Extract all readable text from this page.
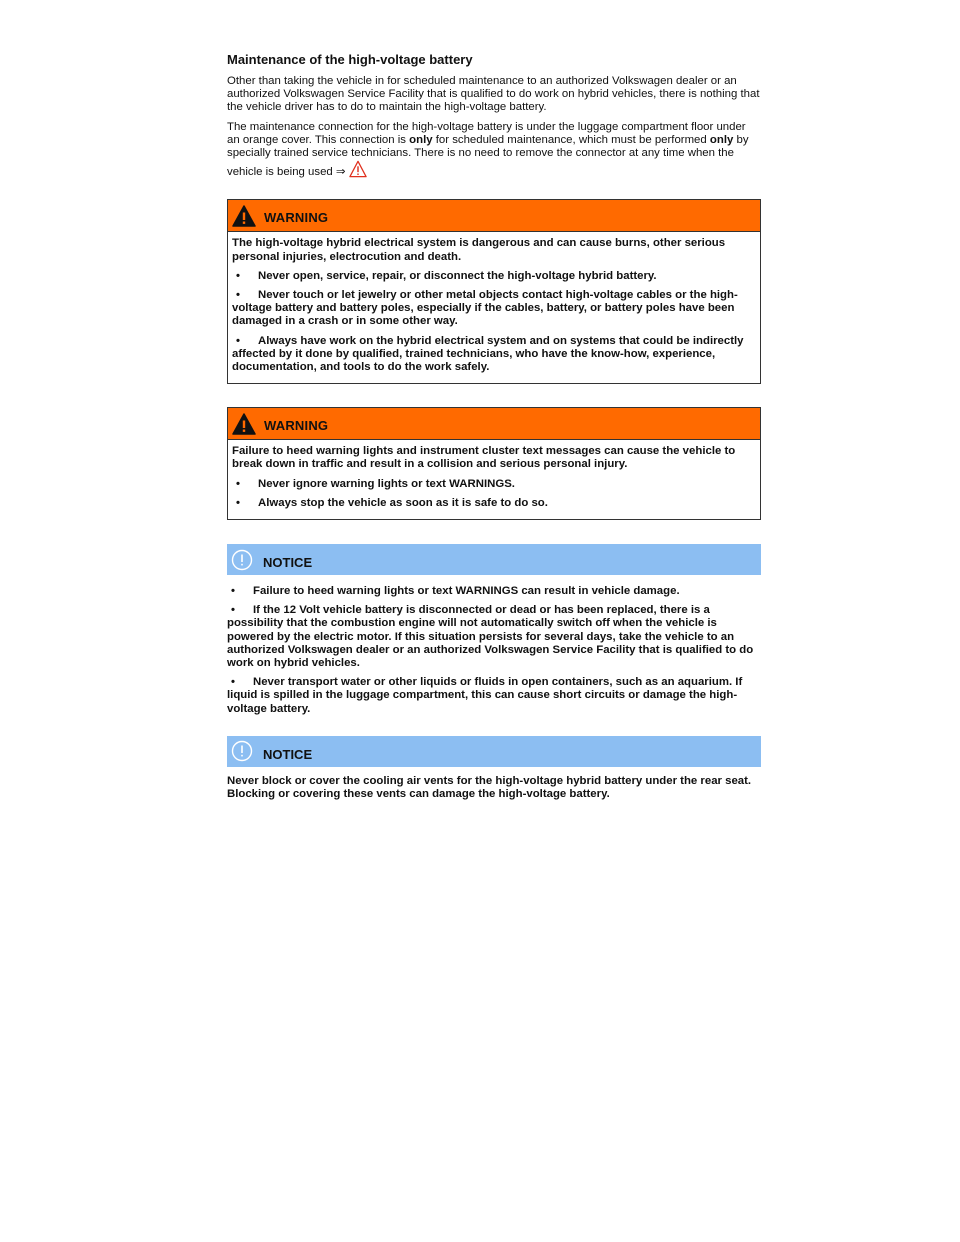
Maintenance of the high-voltage battery

Other than taking the vehicle in for scheduled maintenance to an authorized Volkswagen dealer or an authorized Volkswagen Service Facility that is qualified to do work on hybrid vehicles, there is nothing that the vehicle driver has to do to maintain the high-voltage battery.

The maintenance connection for the high-voltage battery is under the luggage compartment floor under an orange cover. This connection is only for scheduled maintenance, which must be performed only by specially trained service technicians. There is no need to remove the connector at any time when the vehicle is being used ⇒

WARNING

The high-voltage hybrid electrical system is dangerous and can cause burns, other serious personal injuries, electrocution and death.

• Never open, service, repair, or disconnect the high-voltage hybrid battery.
• Never touch or let jewelry or other metal objects contact high-voltage cables or the high-voltage battery and battery poles, especially if the cables, battery, or battery poles have been damaged in a crash or in some other way.
• Always have work on the hybrid electrical system and on systems that could be indirectly affected by it done by qualified, trained technicians, who have the know-how, experience, documentation, and tools to do the work safely.
WARNING

Failure to heed warning lights and instrument cluster text messages can cause the vehicle to break down in traffic and result in a collision and serious personal injury.

• Never ignore warning lights or text WARNINGS.
• Always stop the vehicle as soon as it is safe to do so.
NOTICE
• Failure to heed warning lights or text WARNINGS can result in vehicle damage.
• If the 12 Volt vehicle battery is disconnected or dead or has been replaced, there is a possibility that the combustion engine will not automatically switch off when the vehicle is powered by the electric motor. If this situation persists for several days, take the vehicle to an authorized Volkswagen dealer or an authorized Volkswagen Service Facility that is qualified to do work on hybrid vehicles.
• Never transport water or other liquids or fluids in open containers, such as an aquarium. If liquid is spilled in the luggage compartment, this can cause short circuits or damage the high-voltage battery.
NOTICE

Never block or cover the cooling air vents for the high-voltage hybrid battery under the rear seat. Blocking or covering these vents can damage the high-voltage battery.
